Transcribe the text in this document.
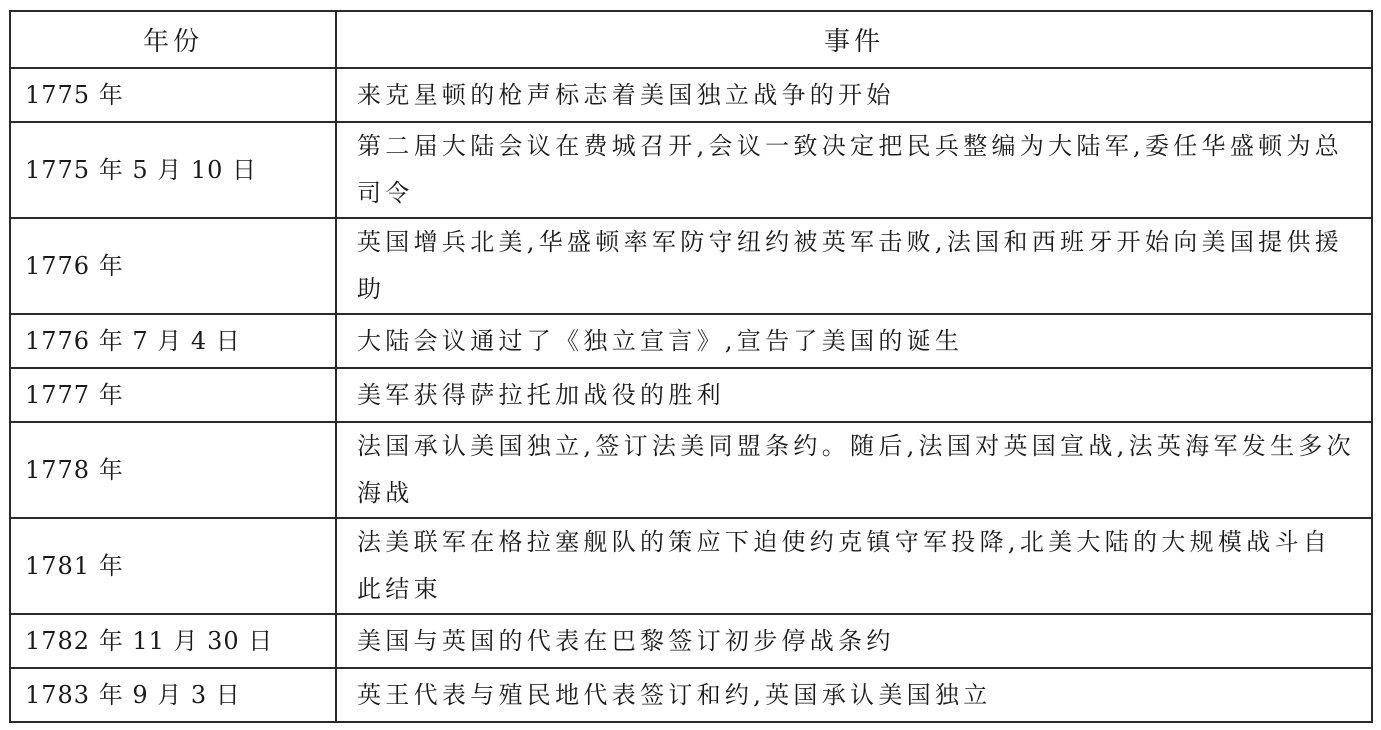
年份	事件
1775 年	来克星顿的枪声标志着美国独立战争的开始
1775 年 5 月 10 日	第二届大陆会议在费城召开,会议一致决定把民兵整编为大陆军,委任华盛顿为总司令
1776 年	英国增兵北美,华盛顿率军防守纽约被英军击败,法国和西班牙开始向美国提供援助
1776 年 7 月 4 日	大陆会议通过了《独立宣言》,宣告了美国的诞生
1777 年	美军获得萨拉托加战役的胜利
1778 年	法国承认美国独立,签订法美同盟条约。随后,法国对英国宣战,法英海军发生多次海战
1781 年	法美联军在格拉塞舰队的策应下迫使约克镇守军投降,北美大陆的大规模战斗自此结束
1782 年 11 月 30 日	美国与英国的代表在巴黎签订初步停战条约
1783 年 9 月 3 日	英王代表与殖民地代表签订和约,英国承认美国独立
